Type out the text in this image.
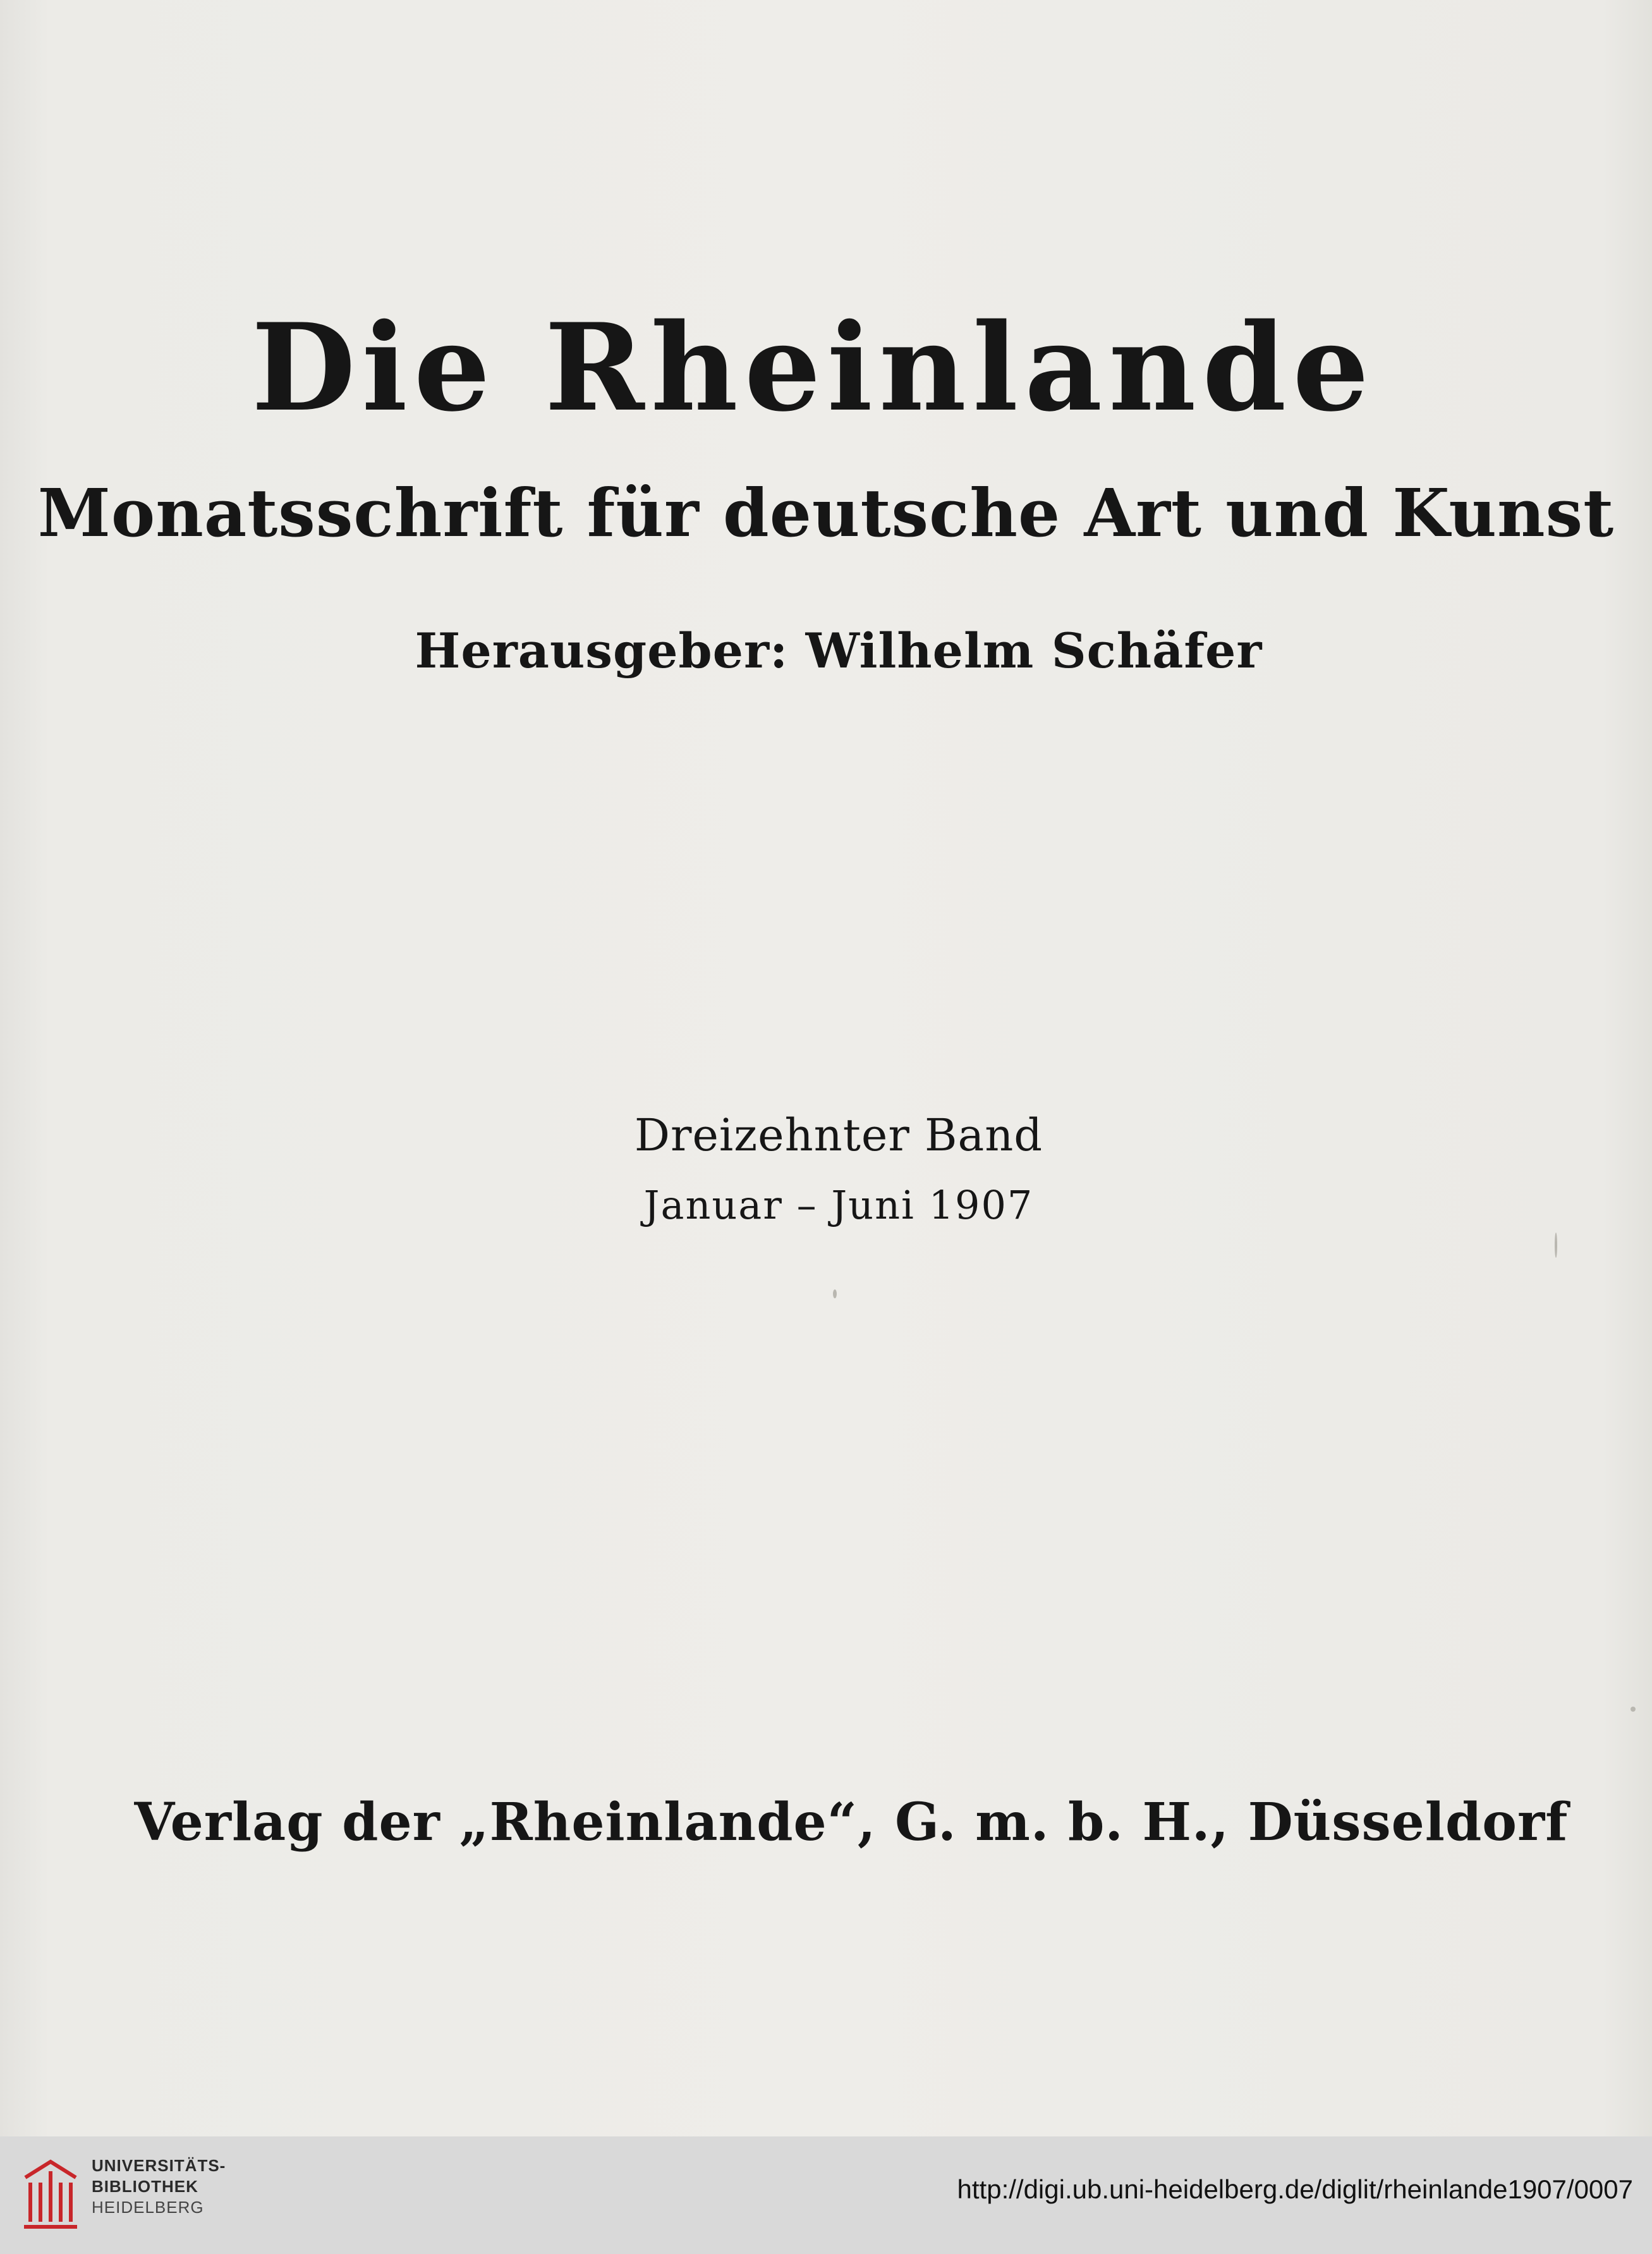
Die Rheinlande
Monatsschrift für deutsche Art und Kunst
Herausgeber: Wilhelm Schäfer
Dreizehnter Band
Januar – Juni 1907
Verlag der „Rheinlande“, G. m. b. H., Düsseldorf
UNIVERSITÄTS-
BIBLIOTHEK
HEIDELBERG
http://digi.ub.uni-heidelberg.de/diglit/rheinlande1907/0007
